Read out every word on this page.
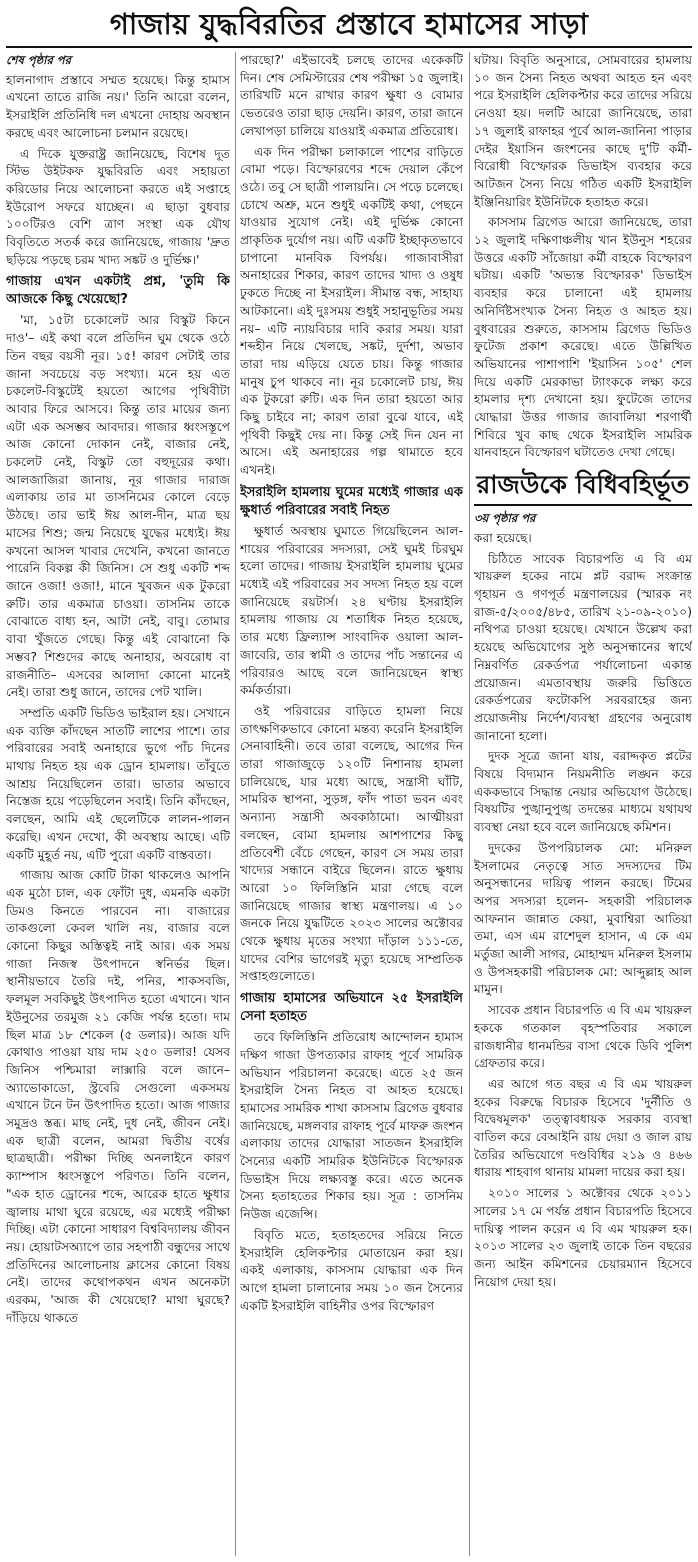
গাজায় যুদ্ধবিরতির প্রস্তাবে হামাসের সাড়া
শেষ পৃষ্ঠার পর

হালনাগাদ প্রস্তাবে সম্মত হয়েছে। কিন্তু হামাস এখনো তাতে রাজি নয়।' তিনি আরো বলেন, ইসরাইলি প্রতিনিধি দল এখনো দোহায় অবস্থান করছে এবং আলোচনা চলমান রয়েছে।

এ দিকে যুক্তরাষ্ট্র জানিয়েছে, বিশেষ দূত স্টিভ উইটকফ যুদ্ধবিরতি এবং সহায়তা করিডোর নিয়ে আলোচনা করতে এই সপ্তাহে ইউরোপ সফরে যাচ্ছেন। এ ছাড়া বুধবার ১০০টিরও বেশি ত্রাণ সংস্থা এক যৌথ বিবৃতিতে সতর্ক করে জানিয়েছে, গাজায় 'দ্রুত ছড়িয়ে পড়ছে চরম খাদ্য সঙ্কট ও দুর্ভিক্ষ।'

গাজায় এখন একটাই প্রশ্ন, 'তুমি কি আজকে কিছু খেয়েছো?

'মা, ১৫টা চকোলেট আর বিস্কুট কিনে দাও'– এই কথা বলে প্রতিদিন ঘুম থেকে ওঠে তিন বছর বয়সী নূর। ১৫! কারণ সেটাই তার জানা সবচেয়ে বড় সংখ্যা। মনে হয় এত চকলেট-বিস্কুটেই হয়তো আগের পৃথিবীটা আবার ফিরে আসবে। কিন্তু তার মায়ের জন্য এটা এক অসম্ভব আবদার। গাজার ধ্বংসস্তূপে আজ কোনো দোকান নেই, বাজার নেই, চকলেট নেই, বিস্কুট তো বহুদূরের কথা। আলজাজিরা জানায়, নূর গাজার দারাজ এলাকায় তার মা তাসনিমের কোলে বেড়ে উঠছে। তার ভাই ঈয় আল-দীন, মাত্র ছয় মাসের শিশু; জন্ম নিয়েছে যুদ্ধের মধ্যেই। ঈয় কখনো আসল খাবার দেখেনি, কখনো জানতে পারেনি বিকল্প কী জিনিস। সে শুধু একটি শব্দ জানে ওজা! ওজা!, মানে খুবজন এক টুকরো রুটি। তার একমাত্র চাওয়া। তাসনিম তাকে বোঝাতে বাধ্য হন, আটা নেই, বাবু। তোমার বাবা খুঁজতে গেছে। কিন্তু এই বোঝানো কি সম্ভব? শিশুদের কাছে অনাহার, অবরোধ বা রাজনীতি– এসবের আলাদা কোনো মানেই নেই। তারা শুধু জানে, তাদের পেট খালি।

সম্প্রতি একটি ভিডিও ভাইরাল হয়। সেখানে এক ব্যক্তি কাঁদছেন সাতটি লাশের পাশে। তার পরিবারের সবাই অনাহারে ভুগে পাঁচ দিনের মাথায় নিহত হয় এক ড্রোন হামলায়। তাঁবুতে আশ্রয় নিয়েছিলেন তারা। ভাতার অভাবে নিস্তেজ হয়ে পড়েছিলেন সবাই। তিনি কাঁদছেন, বলছেন, আমি এই ছেলেটিকে লালন-পালন করেছি। এখন দেখো, কী অবস্থায় আছে। এটি একটি মুহূর্ত নয়, এটি পুরো একটি বাস্তবতা।

গাজায় আজ কোটি টাকা থাকলেও আপনি এক মুঠো চাল, এক ফোঁটা দুধ, এমনকি একটা ডিমও কিনতে পারবেন না। বাজারের তাকগুলো কেবল খালি নয়, বাজার বলে কোনো কিছুর অস্তিত্বই নাই আর। এক সময় গাজা নিজস্ব উৎপাদনে স্বনির্ভর ছিল। স্থানীয়ভাবে তৈরি দই, পনির, শাকসবজি, ফলমূল সবকিছুই উৎপাদিত হতো এখানে। খান ইউনুসের তরমুজ ২১ কেজি পর্যন্ত হতো। দাম ছিল মাত্র ১৮ শেকেল (৫ ডলার)। আজ যদি কোথাও পাওয়া যায় দাম ২৫০ ডলার! যেসব জিনিস পশ্চিমারা লাক্সারি বলে জানে–অ্যাভোকাডো, স্ট্রবেরি সেগুলো একসময় এখানে টনে টন উৎপাদিত হতো। আজ গাজার সমুদ্রও স্তব্ধ। মাছ নেই, দুধ নেই, জীবন নেই। এক ছাত্রী বলেন, আমরা দ্বিতীয় বর্ষের ছাত্রছাত্রী। পরীক্ষা দিচ্ছি অনলাইনে কারণ ক্যাম্পাস ধ্বংসস্তূপে পরিণত। তিনি বলেন, "এক হাত ড্রোনের শব্দে, আরেক হাতে ক্ষুধার জ্বালায় মাথা ঘুরে রয়েছে, এর মধ্যেই পরীক্ষা দিচ্ছি। এটা কোনো সাধারণ বিশ্ববিদ্যালয় জীবন নয়। হোয়াটসঅ্যাপে তার সহপাঠী বন্ধুদের সাথে প্রতিদিনের আলোচনায় ক্লাসের কোনো বিষয় নেই। তাদের কথোপকথন এখন অনেকটা এরকম, 'আজ কী খেয়েছো? মাথা ঘুরছে? দাঁড়িয়ে থাকতে

পারছো?' এইভাবেই চলছে তাদের একেকটি দিন। শেষ সেমিস্টারের শেষ পরীক্ষা ১৫ জুলাই। তারিখটি মনে রাখার কারণ ক্ষুধা ও বোমার ভেতরেও তারা ছাড় দেয়নি। কারণ, তারা জানে লেখাপড়া চালিয়ে যাওয়াই একমাত্র প্রতিরোধ।

এক দিন পরীক্ষা চলাকালে পাশের বাড়িতে বোমা পড়ে। বিস্ফোরণের শব্দে দেয়াল কেঁপে ওঠে। তবু সে ছাত্রী পালায়নি। সে পড়ে চলেছে। চোখে অশ্রু, মনে শুধুই একটিই কথা, পেছনে যাওয়ার সুযোগ নেই। এই দুর্ভিক্ষ কোনো প্রাকৃতিক দুর্যোগ নয়। এটি একটি ইচ্ছাকৃতভাবে চাপানো মানবিক বিপর্যয়। গাজাবাসীরা অনাহারের শিকার, কারণ তাদের খাদ্য ও ওষুধ ঢুকতে দিচ্ছে না ইসরাইল। সীমান্ত বন্ধ, সাহায্য আটকানো। এই দুঃসময় শুধুই সহানুভূতির সময় নয়– এটি ন্যায়বিচার দাবি করার সময়। যারা শব্দহীন নিয়ে খেলছে, সঙ্কট, দুর্দশা, অভাব তারা দায় এড়িয়ে যেতে চায়। কিন্তু গাজার মানুষ চুপ থাকবে না। নূর চকোলেট চায়, ঈয় এক টুকরো রুটি। এক দিন তারা হয়তো আর কিছু চাইবে না; কারণ তারা বুঝে যাবে, এই পৃথিবী কিছুই দেয় না। কিন্তু সেই দিন যেন না আসে। এই অনাহারের গল্প থামাতে হবে এখনই।

ইসরাইলি হামলায় ঘুমের মধ্যেই গাজার এক ক্ষুধার্ত পরিবারের সবাই নিহত

ক্ষুধার্ত অবস্থায় ঘুমাতে গিয়েছিলেন আল-শায়ের পরিবারের সদস্যরা, সেই ঘুমই চিরঘুম হলো তাদের। গাজায় ইসরাইলি হামলায় ঘুমের মধ্যেই এই পরিবারের সব সদস্য নিহত হয় বলে জানিয়েছে রয়টার্স। ২৪ ঘণ্টায় ইসরাইলি হামলায় গাজায় যে শতাধিক নিহত হয়েছে, তার মধ্যে ফ্রিল্যান্স সাংবাদিক ওয়ালা আল-জাবেরি, তার স্বামী ও তাদের পাঁচ সন্তানের এ পরিবারও আছে বলে জানিয়েছেন স্বাস্থ্য কর্মকর্তারা।

ওই পরিবারের বাড়িতে হামলা নিয়ে তাৎক্ষণিকভাবে কোনো মন্তব্য করেনি ইসরাইলি সেনাবাহিনী। তবে তারা বলেছে, আগের দিন তারা গাজাজুড়ে ১২০টি নিশানায় হামলা চালিয়েছে, যার মধ্যে আছে, সন্ত্রাসী ঘাঁটি, সামরিক স্থাপনা, সুড়ঙ্গ, ফাঁদ পাতা ভবন এবং অন্যান্য সন্ত্রাসী অবকাঠামো। আত্মীয়রা বলছেন, বোমা হামলায় আশপাশের কিছু প্রতিবেশী বেঁচে গেছেন, কারণ সে সময় তারা খাদ্যের সন্ধানে বাইরে ছিলেন। রাতে ক্ষুধায় আরো ১০ ফিলিস্তিনি মারা গেছে বলে জানিয়েছে গাজার স্বাস্থ্য মন্ত্রণালয়। এ ১০ জনকে নিয়ে যুদ্ধটিতে ২০২৩ সালের অক্টোবর থেকে ক্ষুধায় মৃতের সংখ্যা দাঁড়াল ১১১-তে, যাদের বেশির ভাগেরই মৃত্যু হয়েছে সাম্প্রতিক সপ্তাহগুলোতে।

গাজায় হামাসের অভিযানে ২৫ ইসরাইলি সেনা হতাহত

তবে ফিলিস্তিনি প্রতিরোধ আন্দোলন হামাস দক্ষিণ গাজা উপত্যকার রাফাহ পূর্বে সামরিক অভিযান পরিচালনা করেছে। এতে ২৫ জন ইসরাইলি সৈন্য নিহত বা আহত হয়েছে। হামাসের সামরিক শাখা কাসসাম ব্রিগেড বুধবার জানিয়েছে, মঙ্গলবার রাফাহ পূর্বে মাফরু জংশন এলাকায় তাদের যোদ্ধারা সাতজন ইসরাইলি সৈন্যের একটি সামরিক ইউনিটকে বিস্ফোরক ডিভাইস দিয়ে লক্ষ্যবস্তু করে। এতে অনেক সৈন্য হতাহতের শিকার হয়। সূত্র : তাসনিম নিউজ এজেন্সি।

বিবৃতি মতে, হতাহতদের সরিয়ে নিতে ইসরাইলি হেলিকপ্টার মোতায়েন করা হয়। একই এলাকায়, কাসসাম যোদ্ধারা এক দিন আগে হামলা চালানোর সময় ১০ জন সৈন্যের একটি ইসরাইলি বাহিনীর ওপর বিস্ফোরণ

ঘটায়। বিবৃতি অনুসারে, সোমবারের হামলায় ১০ জন সৈন্য নিহত অথবা আহত হন এবং পরে ইসরাইলি হেলিকপ্টার করে তাদের সরিয়ে নেওয়া হয়। দলটি আরো জানিয়েছে, তারা ১৭ জুলাই রাফাহর পূর্বে আল-জানিনা পাড়ার দেইর ইয়াসিন জংশনের কাছে দু'টি কর্মী-বিরোধী বিস্ফোরক ডিভাইস ব্যবহার করে আটজন সৈন্য নিয়ে গঠিত একটি ইসরাইলি ইঞ্জিনিয়ারিং ইউনিটকে হতাহত করে।

কাসসাম ব্রিগেড আরো জানিয়েছে, তারা ১২ জুলাই দক্ষিণাঞ্চলীয় খান ইউনুস শহরের উত্তরে একটি সাঁজোয়া কর্মী বাহকে বিস্ফোরণ ঘটায়। একটি 'অভ্যন্ত বিস্ফোরক' ডিভাইস ব্যবহার করে চালানো এই হামলায় অনির্দিষ্টসংখ্যক সৈন্য নিহত ও আহত হয়। বুধবারের শুরুতে, কাসসাম ব্রিগেড ভিডিও ফুটেজ প্রকাশ করেছে। এতে উল্লিখিত অভিযানের পাশাপাশি 'ইয়াসিন ১০৫' শেল দিয়ে একটি মেরকাভা ট্যাংককে লক্ষ্য করে হামলার দৃশ্য দেখানো হয়। ফুটেজে তাদের যোদ্ধারা উত্তর গাজার জাবালিয়া শরণার্থী শিবিরে খুব কাছ থেকে ইসরাইলি সামরিক যানবাহনে বিস্ফোরণ ঘটাতেও দেখা গেছে।

রাজউকে বিধিবহির্ভূত
৩য় পৃষ্ঠার পর

করা হয়েছে।

চিঠিতে সাবেক বিচারপতি এ বি এম খায়রুল হকের নামে প্লট বরাদ্দ সংক্রান্ত গৃহায়ন ও গণপূর্ত মন্ত্রণালয়ের (স্মারক নং রাজ-৫/২০০৫/৪৮৫, তারিখ ২১-০৯-২০১০) নথিপত্র চাওয়া হয়েছে। যেখানে উল্লেখ করা হয়েছে অভিযোগের সুষ্ঠ অনুসন্ধানের স্বার্থে নিম্নবর্ণিত রেকর্ডপত্র পর্যালোচনা একান্ত প্রয়োজন। এমতাবস্থায় জরুরি ভিত্তিতে রেকর্ডপত্রের ফটোকপি সরবরাহের জন্য প্রয়োজনীয় নির্দেশ/ব্যবস্থা গ্রহণের অনুরোধ জানানো হলো।

দুদক সূত্রে জানা যায়, বরাদ্দকৃত প্লটের বিষয়ে বিদ্যমান নিয়মনীতি লঙ্ঘন করে এককভাবে সিদ্ধান্ত নেয়ার অভিযোগ উঠেছে। বিষয়টির পুঙ্খানুপুঙ্খ তদন্তের মাধ্যমে যথাযথ ব্যবস্থা নেয়া হবে বলে জানিয়েছে কমিশন।

দুদকের উপপরিচালক মো: মনিরুল ইসলামের নেতৃত্বে সাত সদস্যদের টিম অনুসন্ধানের দায়িত্ব পালন করছে। টিমের অপর সদস্যরা হলেন- সহকারী পরিচালক আফনান জান্নাত কেয়া, মুবাশ্বিরা আতিয়া তমা, এস এম রাশেদুল হাসান, এ কে এম মর্তুজা আলী সাগর, মোহাম্মদ মনিরুল ইসলাম ও উপসহকারী পরিচালক মো: আব্দুল্লাহ আল মামুন।

সাবেক প্রধান বিচারপতি এ বি এম খায়রুল হককে গতকাল বৃহস্পতিবার সকালে রাজধানীর ধানমন্ডির বাসা থেকে ডিবি পুলিশ গ্রেফতার করে।

এর আগে গত বছর এ বি এম খায়রুল হকের বিরুদ্ধে বিচারক হিসেবে 'দুর্নীতি ও বিদ্বেষমূলক' তত্ত্বাবধায়ক সরকার ব্যবস্থা বাতিল করে বেআইনি রায় দেয়া ও জাল রায় তৈরির অভিযোগে দণ্ডবিধির ২১৯ ও ৪৬৬ ধারায় শাহবাগ থানায় মামলা দায়ের করা হয়।

২০১০ সালের ১ অক্টোবর থেকে ২০১১ সালের ১৭ মে পর্যন্ত প্রধান বিচারপতি হিসেবে দায়িত্ব পালন করেন এ বি এম খায়রুল হক। ২০১৩ সালের ২৩ জুলাই তাকে তিন বছরের জন্য আইন কমিশনের চেয়ারম্যান হিসেবে নিয়োগ দেয়া হয়।
